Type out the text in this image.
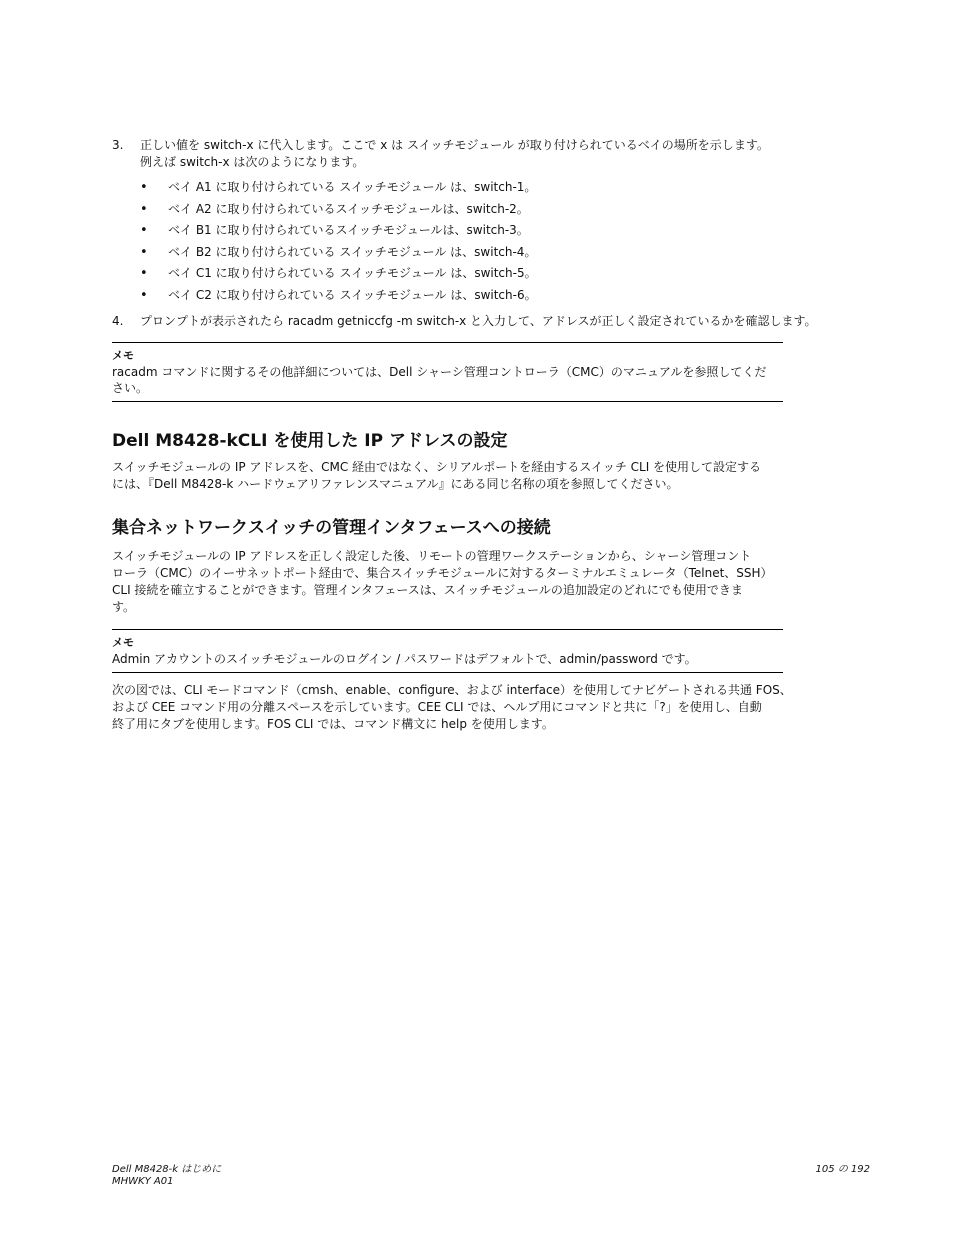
3. 正しい値を switch-x に代入します。ここで x は スイッチモジュール が取り付けられているベイの場所を示します。
例えば switch-x は次のようになります。
• ベイ A1 に取り付けられている スイッチモジュール は、switch-1。
• ベイ A2 に取り付けられているスイッチモジュールは、switch-2。
• ベイ B1 に取り付けられているスイッチモジュールは、switch-3。
• ベイ B2 に取り付けられている スイッチモジュール は、switch-4。
• ベイ C1 に取り付けられている スイッチモジュール は、switch-5。
• ベイ C2 に取り付けられている スイッチモジュール は、switch-6。
4. プロンプトが表示されたら racadm getniccfg -m switch-x と入力して、アドレスが正しく設定されているかを確認します。
メモ
racadm コマンドに関するその他詳細については、Dell シャーシ管理コントローラ（CMC）のマニュアルを参照してくだ
さい。
Dell M8428-kCLI を使用した IP アドレスの設定
スイッチモジュールの IP アドレスを、CMC 経由ではなく、シリアルポートを経由するスイッチ CLI を使用して設定する
には、『Dell M8428-k ハードウェアリファレンスマニュアル』にある同じ名称の項を参照してください。
集合ネットワークスイッチの管理インタフェースへの接続
スイッチモジュールの IP アドレスを正しく設定した後、リモートの管理ワークステーションから、シャーシ管理コント
ローラ（CMC）のイーサネットポート経由で、集合スイッチモジュールに対するターミナルエミュレータ（Telnet、SSH）
CLI 接続を確立することができます。管理インタフェースは、スイッチモジュールの追加設定のどれにでも使用できま
す。
メモ
Admin アカウントのスイッチモジュールのログイン / パスワードはデフォルトで、admin/password です。
次の図では、CLI モードコマンド（cmsh、enable、configure、および interface）を使用してナビゲートされる共通 FOS、
および CEE コマンド用の分離スペースを示しています。CEE CLI では、ヘルプ用にコマンドと共に「?」を使用し、自動
終了用にタブを使用します。FOS CLI では、コマンド構文に help を使用します。
Dell M8428-k はじめに
MHWKY A01
105 の 192
